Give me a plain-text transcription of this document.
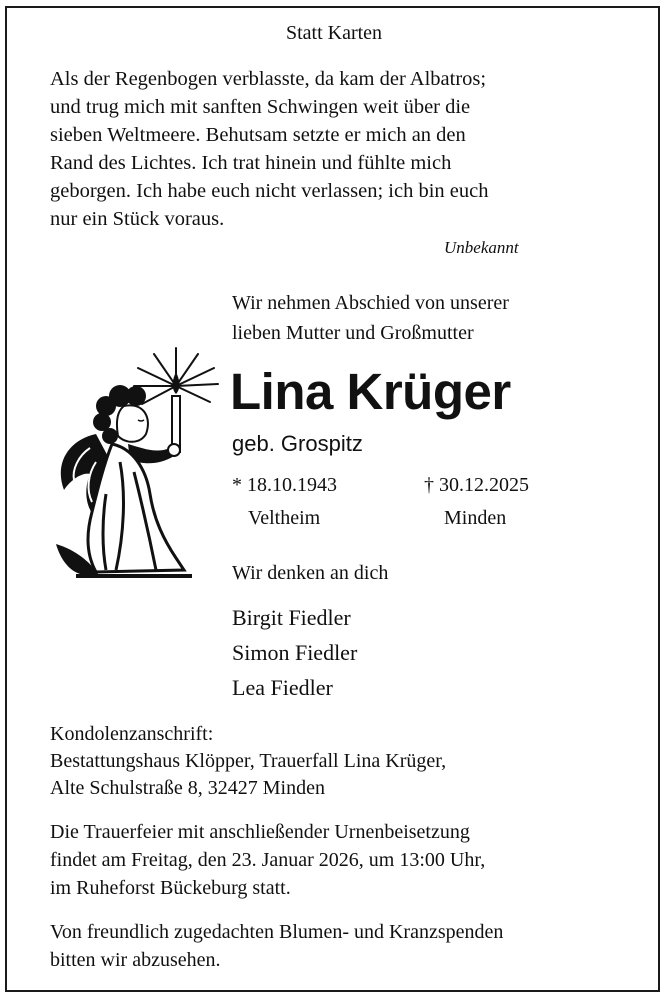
Statt Karten
Als der Regenbogen verblasste, da kam der Albatros;
und trug mich mit sanften Schwingen weit über die
sieben Weltmeere. Behutsam setzte er mich an den
Rand des Lichtes. Ich trat hinein und fühlte mich
geborgen. Ich habe euch nicht verlassen; ich bin euch
nur ein Stück voraus.
Unbekannt
Wir nehmen Abschied von unserer
lieben Mutter und Großmutter
Lina Krüger
geb. Grospitz
* 18.10.1943	† 30.12.2025
Veltheim	Minden
Wir denken an dich
Birgit Fiedler
Simon Fiedler
Lea Fiedler
Kondolenzanschrift:
Bestattungshaus Klöpper, Trauerfall Lina Krüger,
Alte Schulstraße 8, 32427 Minden
Die Trauerfeier mit anschließender Urnenbeisetzung
findet am Freitag, den 23. Januar 2026, um 13:00 Uhr,
im Ruheforst Bückeburg statt.
Von freundlich zugedachten Blumen- und Kranzspenden
bitten wir abzusehen.
